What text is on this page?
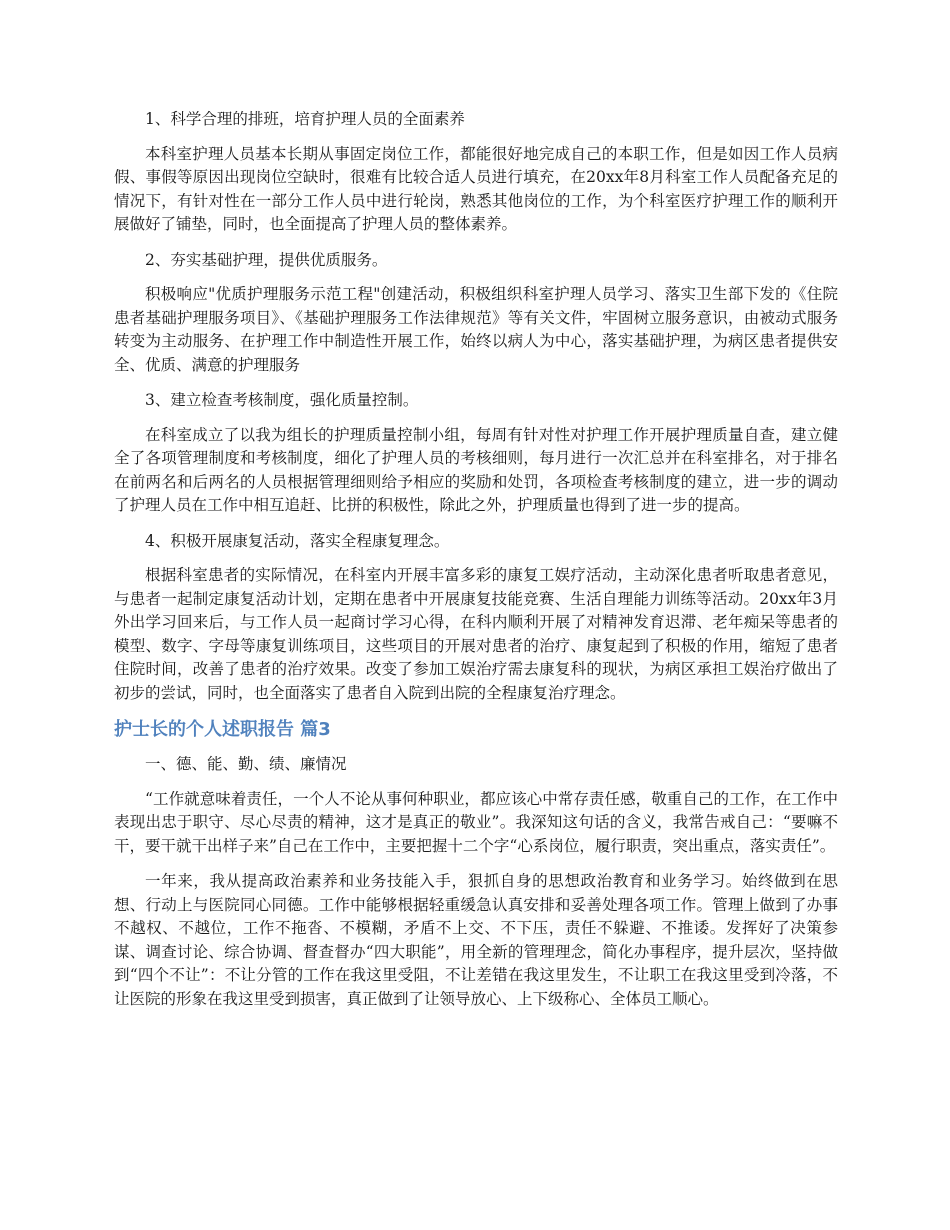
1、科学合理的排班，培育护理人员的全面素养

本科室护理人员基本长期从事固定岗位工作，都能很好地完成自己的本职工作，但是如因工作人员病假、事假等原因出现岗位空缺时，很难有比较合适人员进行填充，在20xx年8月科室工作人员配备充足的情况下，有针对性在一部分工作人员中进行轮岗，熟悉其他岗位的工作，为个科室医疗护理工作的顺利开展做好了铺垫，同时，也全面提高了护理人员的整体素养。

2、夯实基础护理，提供优质服务。

积极响应"优质护理服务示范工程"创建活动，积极组织科室护理人员学习、落实卫生部下发的《住院患者基础护理服务项目》、《基础护理服务工作法律规范》等有关文件，牢固树立服务意识，由被动式服务转变为主动服务、在护理工作中制造性开展工作，始终以病人为中心，落实基础护理，为病区患者提供安全、优质、满意的护理服务

3、建立检查考核制度，强化质量控制。

在科室成立了以我为组长的护理质量控制小组，每周有针对性对护理工作开展护理质量自查，建立健全了各项管理制度和考核制度，细化了护理人员的考核细则，每月进行一次汇总并在科室排名，对于排名在前两名和后两名的人员根据管理细则给予相应的奖励和处罚，各项检查考核制度的建立，进一步的调动了护理人员在工作中相互追赶、比拼的积极性，除此之外，护理质量也得到了进一步的提高。

4、积极开展康复活动，落实全程康复理念。

根据科室患者的实际情况，在科室内开展丰富多彩的康复工娱疗活动，主动深化患者听取患者意见，与患者一起制定康复活动计划，定期在患者中开展康复技能竞赛、生活自理能力训练等活动。20xx年3月外出学习回来后，与工作人员一起商讨学习心得，在科内顺利开展了对精神发育迟滞、老年痴呆等患者的模型、数字、字母等康复训练项目，这些项目的开展对患者的治疗、康复起到了积极的作用，缩短了患者住院时间，改善了患者的治疗效果。改变了参加工娱治疗需去康复科的现状，为病区承担工娱治疗做出了初步的尝试，同时，也全面落实了患者自入院到出院的全程康复治疗理念。

护士长的个人述职报告 篇3

一、德、能、勤、绩、廉情况

“工作就意味着责任，一个人不论从事何种职业，都应该心中常存责任感，敬重自己的工作，在工作中表现出忠于职守、尽心尽责的精神，这才是真正的敬业”。我深知这句话的含义，我常告戒自己：“要嘛不干，要干就干出样子来”自己在工作中，主要把握十二个字“心系岗位，履行职责，突出重点，落实责任”。

一年来，我从提高政治素养和业务技能入手，狠抓自身的思想政治教育和业务学习。始终做到在思想、行动上与医院同心同德。工作中能够根据轻重缓急认真安排和妥善处理各项工作。管理上做到了办事不越权、不越位，工作不拖沓、不模糊，矛盾不上交、不下压，责任不躲避、不推诿。发挥好了决策参谋、调查讨论、综合协调、督查督办“四大职能”，用全新的管理理念，简化办事程序，提升层次，坚持做到“四个不让”：不让分管的工作在我这里受阻，不让差错在我这里发生，不让职工在我这里受到冷落，不让医院的形象在我这里受到损害，真正做到了让领导放心、上下级称心、全体员工顺心。
